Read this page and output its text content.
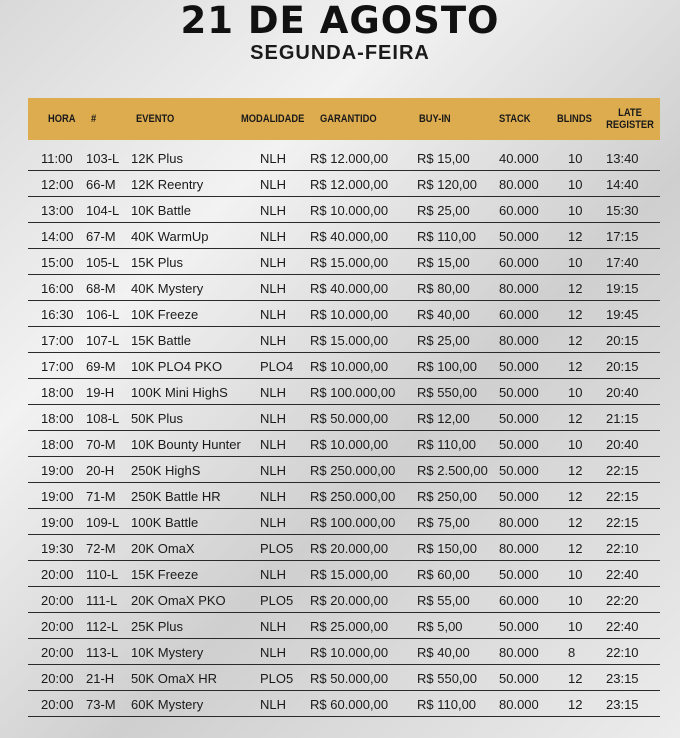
21 DE AGOSTO
SEGUNDA-FEIRA
HORA #	EVENTO	MODALIDADE GARANTIDO	BUY-IN	STACK BLINDS LATE
REGISTER
11:00 103-L 12K Plus	NLH R$ 12.000,00 R$ 15,00 40.000 10 13:40
12:00 66-M 12K Reentry	NLH R$ 12.000,00 R$ 120,00 80.000 10 14:40
13:00 104-L 10K Battle	NLH R$ 10.000,00 R$ 25,00 60.000 10 15:30
14:00 67-M 40K WarmUp	NLH R$ 40.000,00 R$ 110,00 50.000 12 17:15
15:00 105-L 15K Plus	NLH R$ 15.000,00 R$ 15,00 60.000 10 17:40
16:00 68-M 40K Mystery	NLH R$ 40.000,00 R$ 80,00 80.000 12 19:15
16:30 106-L 10K Freeze	NLH R$ 10.000,00 R$ 40,00 60.000 12 19:45
17:00 107-L 15K Battle	NLH R$ 15.000,00 R$ 25,00 80.000 12 20:15
17:00 69-M 10K PLO4 PKO	PLO4 R$ 10.000,00 R$ 100,00 50.000 12 20:15
18:00 19-H 100K Mini HighS NLH R$ 100.000,00 R$ 550,00 50.000 10 20:40
18:00 108-L 50K Plus	NLH R$ 50.000,00 R$ 12,00 50.000 12 21:15
18:00 70-M 10K Bounty Hunter NLH R$ 10.000,00 R$ 110,00 50.000 10 20:40
19:00 20-H 250K HighS	NLH R$ 250.000,00 R$ 2.500,00 50.000 12 22:15
19:00 71-M 250K Battle HR	NLH R$ 250.000,00 R$ 250,00 50.000 12 22:15
19:00 109-L 100K Battle	NLH R$ 100.000,00 R$ 75,00 80.000 12 22:15
19:30 72-M 20K OmaX	PLO5 R$ 20.000,00 R$ 150,00 80.000 12 22:10
20:00 110-L 15K Freeze	NLH R$ 15.000,00 R$ 60,00 50.000 10 22:40
20:00 111-L 20K OmaX PKO	PLO5 R$ 20.000,00 R$ 55,00 60.000 10 22:20
20:00 112-L 25K Plus	NLH R$ 25.000,00 R$ 5,00	50.000 10 22:40
20:00 113-L 10K Mystery	NLH R$ 10.000,00 R$ 40,00 80.000 8 22:10
20:00 21-H 50K OmaX HR	PLO5 R$ 50.000,00 R$ 550,00 50.000 12 23:15
20:00 73-M 60K Mystery	NLH R$ 60.000,00 R$ 110,00 80.000 12 23:15
